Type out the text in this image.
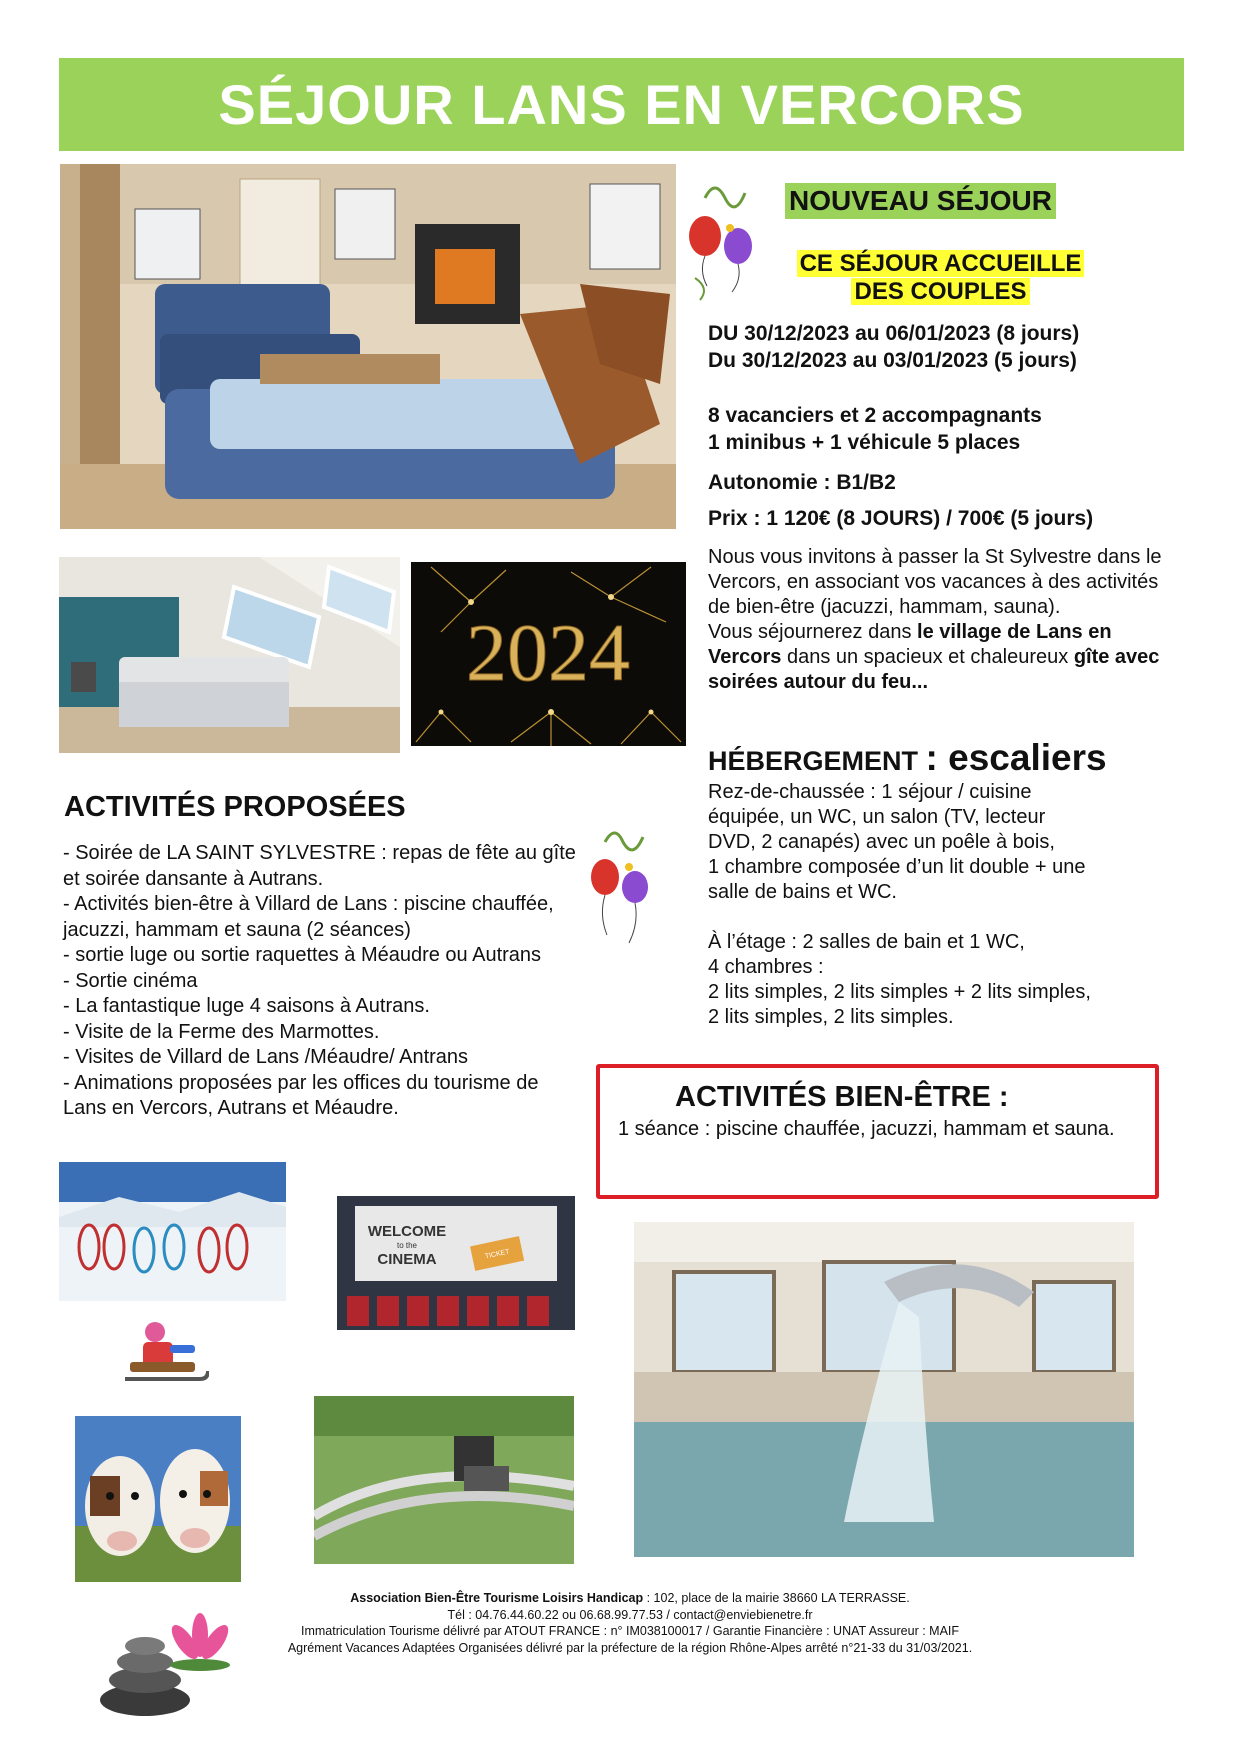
SÉJOUR LANS EN VERCORS
2024
NOUVEAU SÉJOUR
CE SÉJOUR ACCUEILLE
DES COUPLES
DU 30/12/2023 au 06/01/2023 (8 jours)
Du 30/12/2023 au 03/01/2023 (5 jours)
8 vacanciers et 2 accompagnants
1 minibus + 1 véhicule 5 places
Autonomie : B1/B2
Prix : 1 120€ (8 JOURS) / 700€ (5 jours)
Nous vous invitons à passer la St Sylvestre dans le Vercors, en associant vos vacances à des activités de bien-être (jacuzzi, hammam, sauna).
Vous séjournerez dans le village de Lans en Vercors dans un spacieux et chaleureux gîte avec soirées autour du feu...
HÉBERGEMENT : escaliers
Rez-de-chaussée : 1 séjour / cuisine
équipée, un WC, un salon (TV, lecteur
DVD, 2 canapés) avec un poêle à bois,
1 chambre composée d’un lit double + une
salle de bains et WC.
À l’étage : 2 salles de bain et 1 WC,
4 chambres :
2 lits simples, 2 lits simples + 2 lits simples,
2 lits simples, 2 lits simples.
ACTIVITÉS BIEN-ÊTRE :
1 séance : piscine chauffée, jacuzzi, hammam et sauna.
ACTIVITÉS PROPOSÉES
- Soirée de LA SAINT SYLVESTRE : repas de fête au gîte et soirée dansante à Autrans.
- Activités bien-être à Villard de Lans : piscine chauffée, jacuzzi, hammam et sauna (2 séances)
- sortie luge ou sortie raquettes à Méaudre ou Autrans
- Sortie cinéma
- La fantastique luge 4 saisons à Autrans.
- Visite de la Ferme des Marmottes.
- Visites de Villard de Lans /Méaudre/ Antrans
- Animations proposées par les offices du tourisme de Lans en Vercors, Autrans et Méaudre.
WELCOME
to the
CINEMA	TICKET
Association Bien-Être Tourisme Loisirs Handicap : 102, place de la mairie 38660 LA TERRASSE.
Tél : 04.76.44.60.22 ou 06.68.99.77.53 / contact@enviebienetre.fr
Immatriculation Tourisme délivré par ATOUT FRANCE : n° IM038100017 / Garantie Financière : UNAT Assureur : MAIF
Agrément Vacances Adaptées Organisées délivré par la préfecture de la région Rhône-Alpes arrêté n°21-33 du 31/03/2021.
